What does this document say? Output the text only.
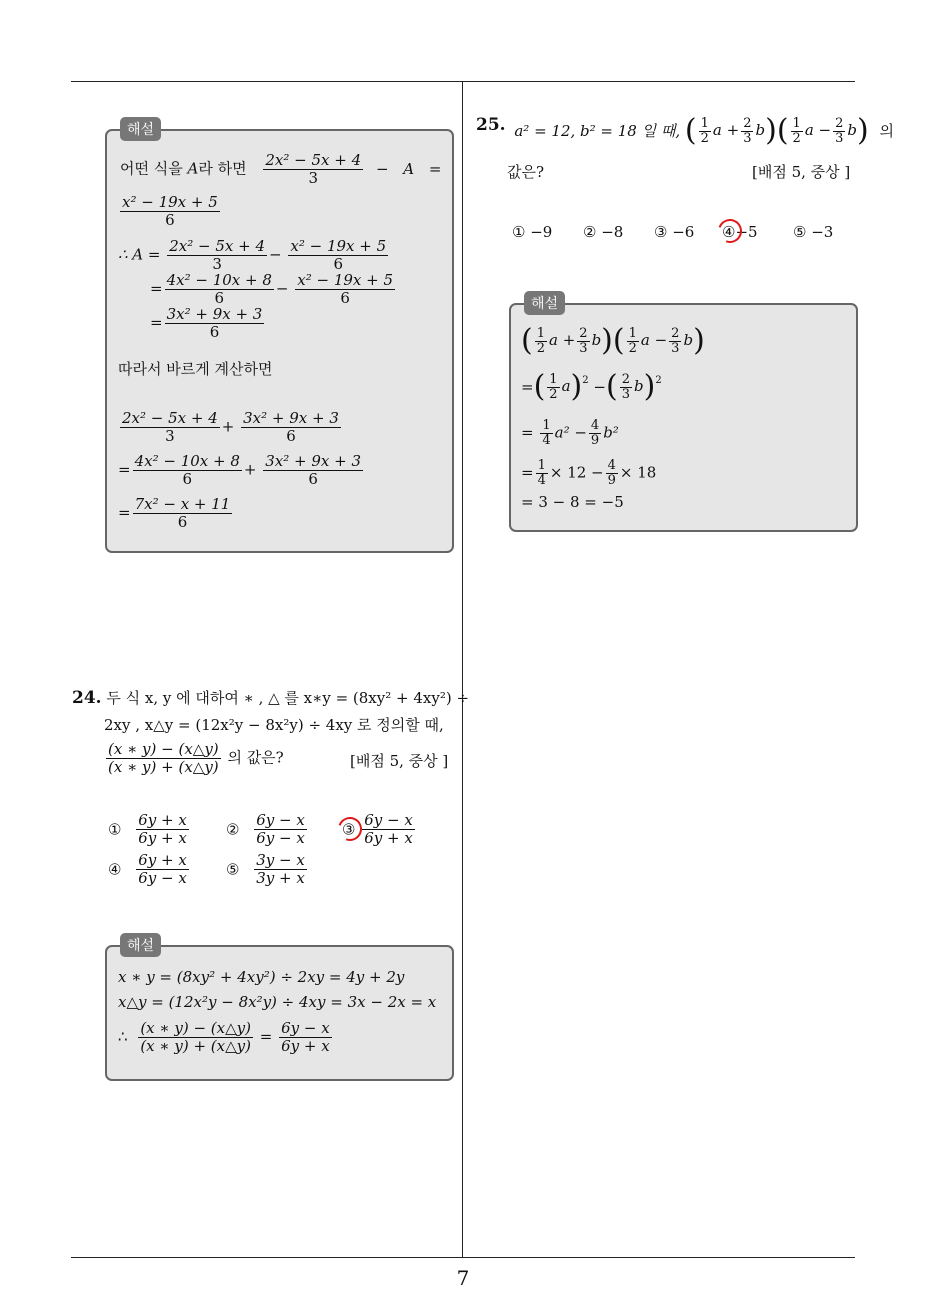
7
해설
어떤 식을 A라 하면 $\frac{\text{2x² − 5x + 4}}{3} - A$ =
$\frac{\text{x² − 19x + 5}}{6}$
∴ $A = \frac{\text{2x² − 5x + 4}}{3} - \frac{\text{x² − 19x + 5}}{6}$
= $\frac{\text{4x² − 10x + 8}}{6} - \frac{\text{x² − 19x + 5}}{6}$
= $\frac{\text{3x² + 9x + 3}}{6}$
따라서 바르게 계산하면
$\frac{\text{2x² − 5x + 4}}{3} + \frac{\text{3x² + 9x + 3}}{6}$
= $\frac{\text{4x² − 10x + 8}}{6} + \frac{\text{3x² + 9x + 3}}{6}$
= $\frac{\text{7x² − x + 11}}{6}$
24. 두 식 x, y 에 대하여 ∗ , △ 를 x∗y = (8xy² + 4xy²) ÷
2xy , x△y = (12x²y − 8x²y) ÷ 4xy 로 정의할 때,
$\frac{(x ∗ y) - (x\triangle y)}{(x ∗ y) + (x\triangle y)}$ 의 값은?	[배점 5, 중상 ]
① $\frac{6y + x}{6y + x}$ ② $\frac{6y - x}{6y - x}$ ③ $\frac{6y - x}{6y + x}$
④ $\frac{6y + x}{6y - x}$ ⑤ $\frac{3y - x}{3y + x}$
해설
x ∗ y = (8xy² + 4xy²) ÷ 2xy = 4y + 2y
x△y = (12x²y − 8x²y) ÷ 4xy = 3x − 2x = x
∴ $\frac{(x ∗ y) - (x\triangle y)}{(x ∗ y) + (x\triangle y)} = \frac{6y - x}{6y + x}$
25. a² = 12, b² = 18 일 때, ( $\frac{1}{2}$ $a + \frac{2}{3} b)( \frac{1}{2}$ $a - \frac{2}{3} b$) 의
값은?	[배점 5, 중상 ]
① −9 ② −8 ③ −6 ④−5 ⑤ −3
해설
( $\frac{1}{2}$ $a + \frac{2}{3} b)( \frac{1}{2}$ $a - \frac{2}{3} b$)
=( $\frac{1}{2} a)^2$ −( $\frac{2}{3} b)^2$
= $\frac{1}{4} a^2 - \frac{4}{9} b^2$
= $\frac{1}{4} \times 12 - \frac{4}{9} \times 18$
= 3 − 8 = −5
